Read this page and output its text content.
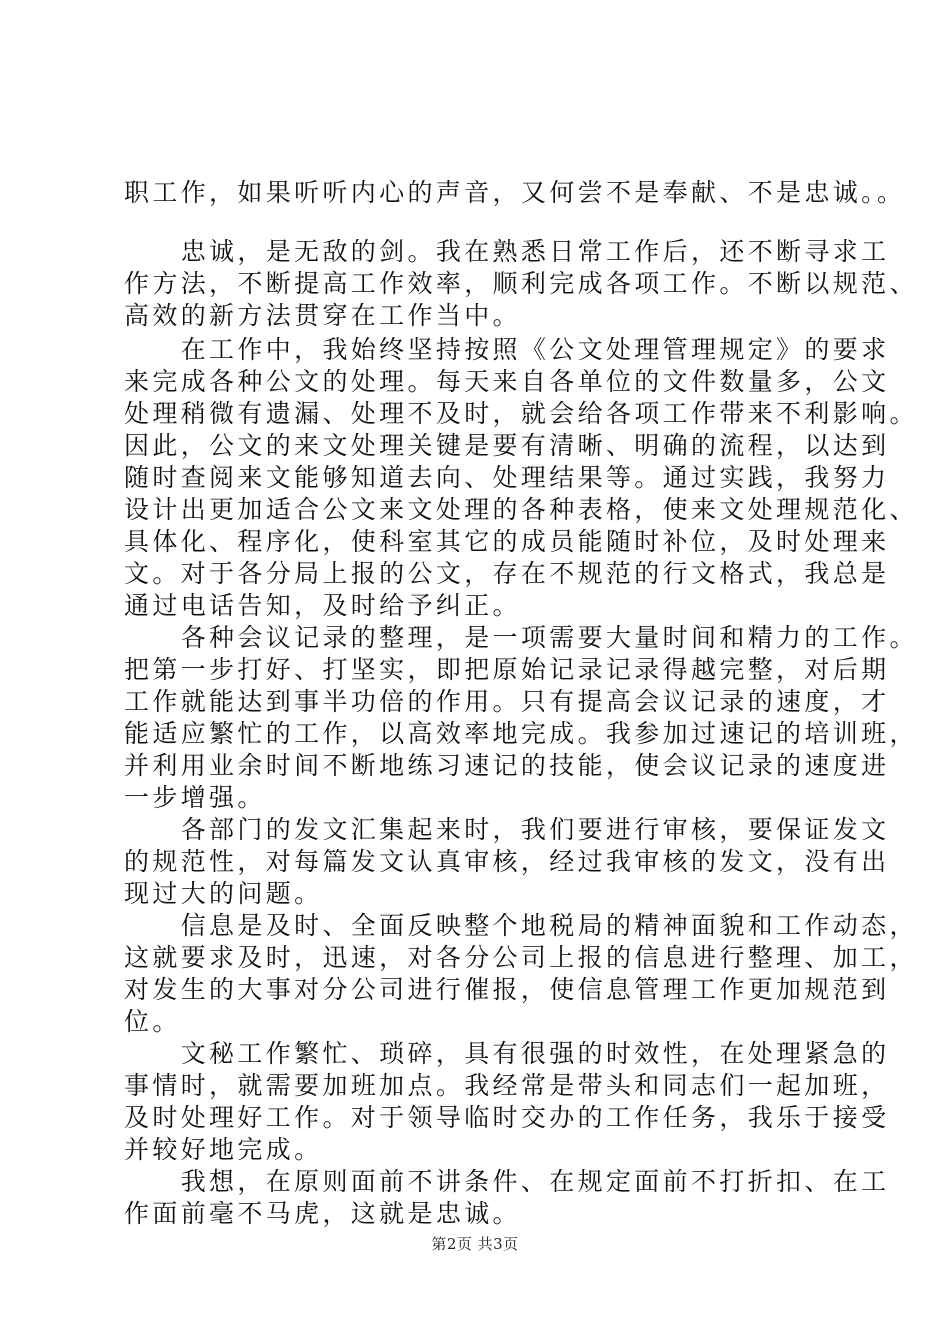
职工作，如果听听内心的声音，又何尝不是奉献、不是忠诚。。
　　忠诚，是无敌的剑。我在熟悉日常工作后，还不断寻求工
作方法，不断提高工作效率，顺利完成各项工作。不断以规范、
高效的新方法贯穿在工作当中。
　　在工作中，我始终坚持按照《公文处理管理规定》的要求
来完成各种公文的处理。每天来自各单位的文件数量多，公文
处理稍微有遗漏、处理不及时，就会给各项工作带来不利影响。
因此，公文的来文处理关键是要有清晰、明确的流程，以达到
随时查阅来文能够知道去向、处理结果等。通过实践，我努力
设计出更加适合公文来文处理的各种表格，使来文处理规范化、
具体化、程序化，使科室其它的成员能随时补位，及时处理来
文。对于各分局上报的公文，存在不规范的行文格式，我总是
通过电话告知，及时给予纠正。
　　各种会议记录的整理，是一项需要大量时间和精力的工作。
把第一步打好、打坚实，即把原始记录记录得越完整，对后期
工作就能达到事半功倍的作用。只有提高会议记录的速度，才
能适应繁忙的工作，以高效率地完成。我参加过速记的培训班，
并利用业余时间不断地练习速记的技能，使会议记录的速度进
一步增强。
　　各部门的发文汇集起来时，我们要进行审核，要保证发文
的规范性，对每篇发文认真审核，经过我审核的发文，没有出
现过大的问题。
　　信息是及时、全面反映整个地税局的精神面貌和工作动态，
这就要求及时，迅速，对各分公司上报的信息进行整理、加工，
对发生的大事对分公司进行催报，使信息管理工作更加规范到
位。
　　文秘工作繁忙、琐碎，具有很强的时效性，在处理紧急的
事情时，就需要加班加点。我经常是带头和同志们一起加班，
及时处理好工作。对于领导临时交办的工作任务，我乐于接受
并较好地完成。
　　我想，在原则面前不讲条件、在规定面前不打折扣、在工
作面前毫不马虎，这就是忠诚。
第2页 共3页
